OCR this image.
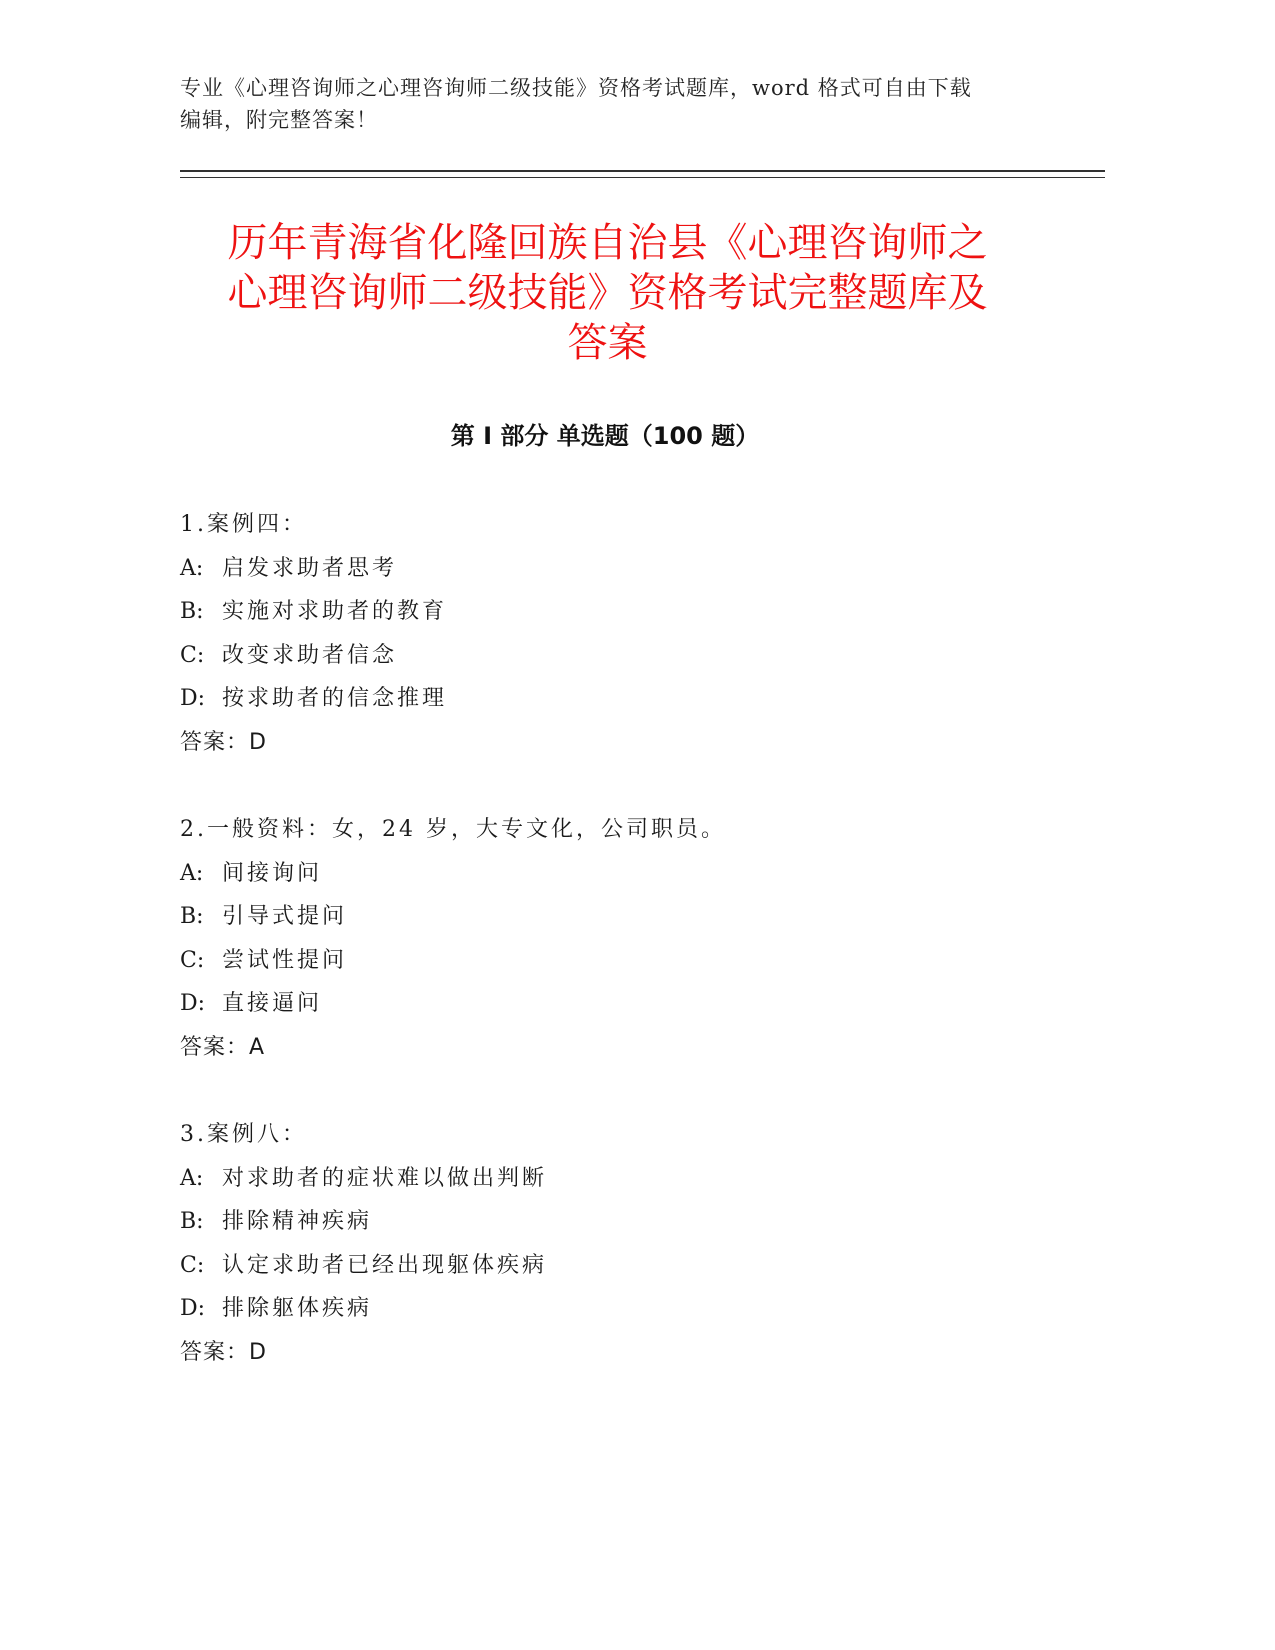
专业《心理咨询师之心理咨询师二级技能》资格考试题库，word 格式可自由下载
编辑，附完整答案！
历年青海省化隆回族自治县《心理咨询师之
心理咨询师二级技能》资格考试完整题库及
答案
第 I 部分 单选题（100 题）
1.案例四：
A: 启发求助者思考
B: 实施对求助者的教育
C: 改变求助者信念
D: 按求助者的信念推理
答案：D
2.一般资料：女，24 岁，大专文化，公司职员。
A: 间接询问
B: 引导式提问
C: 尝试性提问
D: 直接逼问
答案：A
3.案例八：
A: 对求助者的症状难以做出判断
B: 排除精神疾病
C: 认定求助者已经出现躯体疾病
D: 排除躯体疾病
答案：D
